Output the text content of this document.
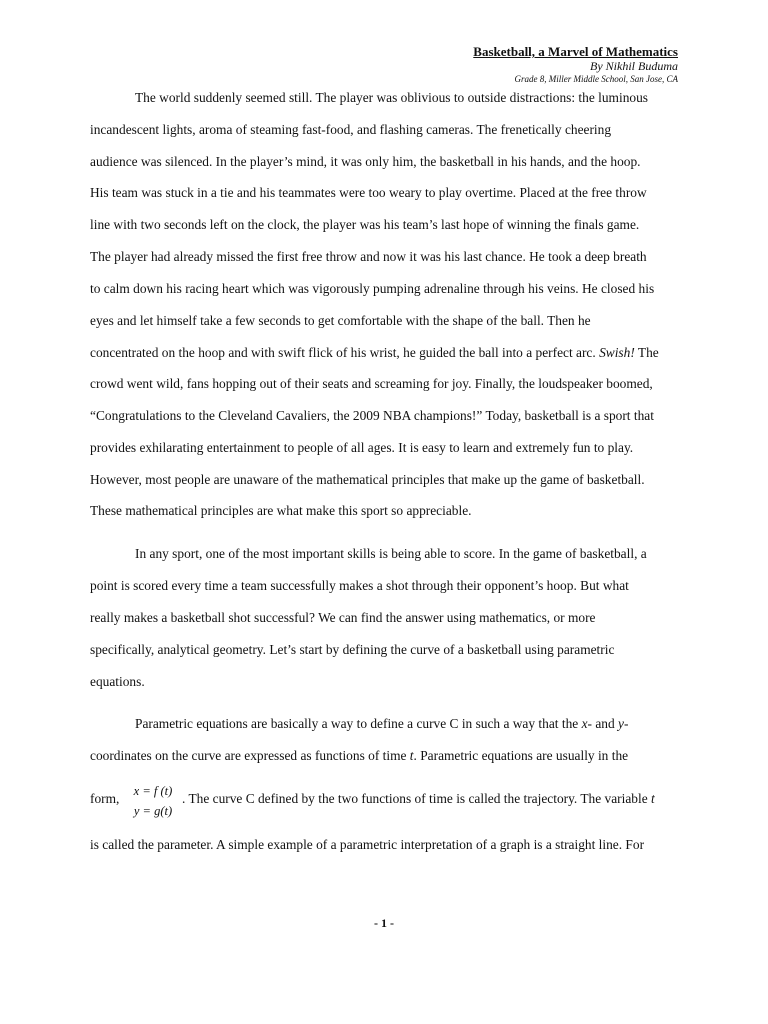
Basketball, a Marvel of Mathematics
By Nikhil Buduma
Grade 8, Miller Middle School, San Jose, CA
The world suddenly seemed still. The player was oblivious to outside distractions: the luminous
incandescent lights, aroma of steaming fast-food, and flashing cameras. The frenetically cheering
audience was silenced. In the player’s mind, it was only him, the basketball in his hands, and the hoop.
His team was stuck in a tie and his teammates were too weary to play overtime. Placed at the free throw
line with two seconds left on the clock, the player was his team’s last hope of winning the finals game.
The player had already missed the first free throw and now it was his last chance. He took a deep breath
to calm down his racing heart which was vigorously pumping adrenaline through his veins. He closed his
eyes and let himself take a few seconds to get comfortable with the shape of the ball. Then he
concentrated on the hoop and with swift flick of his wrist, he guided the ball into a perfect arc. Swish! The
crowd went wild, fans hopping out of their seats and screaming for joy. Finally, the loudspeaker boomed,
“Congratulations to the Cleveland Cavaliers, the 2009 NBA champions!” Today, basketball is a sport that
provides exhilarating entertainment to people of all ages. It is easy to learn and extremely fun to play.
However, most people are unaware of the mathematical principles that make up the game of basketball.
These mathematical principles are what make this sport so appreciable.
In any sport, one of the most important skills is being able to score. In the game of basketball, a
point is scored every time a team successfully makes a shot through their opponent’s hoop. But what
really makes a basketball shot successful? We can find the answer using mathematics, or more
specifically, analytical geometry. Let’s start by defining the curve of a basketball using parametric
equations.
Parametric equations are basically a way to define a curve C in such a way that the x- and y-
coordinates on the curve are expressed as functions of time t. Parametric equations are usually in the
form,	x = f (t)
y = g(t)
. The curve C defined by the two functions of time is called the trajectory. The variable t
is called the parameter. A simple example of a parametric interpretation of a graph is a straight line. For
- 1 -
